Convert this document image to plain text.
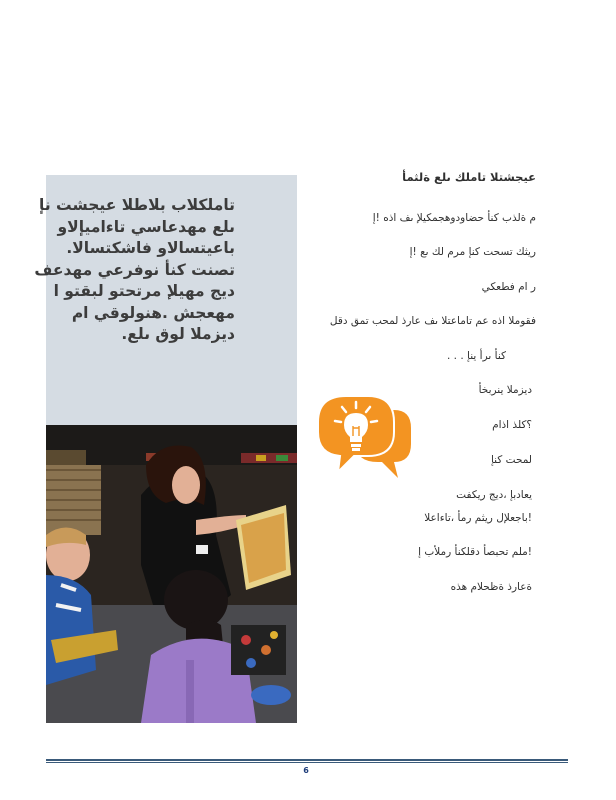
تاملكلاب بلاطلا عيجشت نإ
ىلع مهدعاسي تاءاميإلاو
باعيتسالاو فاشكتسالا.
تصنت كنأ نوفرعي مهدعف
ديج مهيلإ مرتحتو لبقتو ا
مهعجش .هنولوقي ام
ديزملا لوق ىلع.
عيجشتلا تاملك ىلع ةلثمأ
م ةلذب كنأ حضاودوهجمكيلإ ىف اذه !إ
ريثك تسحت كنإ مرم لك ىع !إ
ر ام فطعكي
فقوملا اذه عم تاماعتلا ىف عارذ لمحب تمق دقل
كنأ ىرأ ينإ . . .
ديزملا ينربخأ
؟كلذ اذام
لمحت كنإ
يعادبإ ،ديج ريكفت
!باجعلإل ريثم رمأ ،تاءاعلا
!ملم تحبصأ دقلكنأ رملأب إ
ةعارذ ةظحلام هذه
6
